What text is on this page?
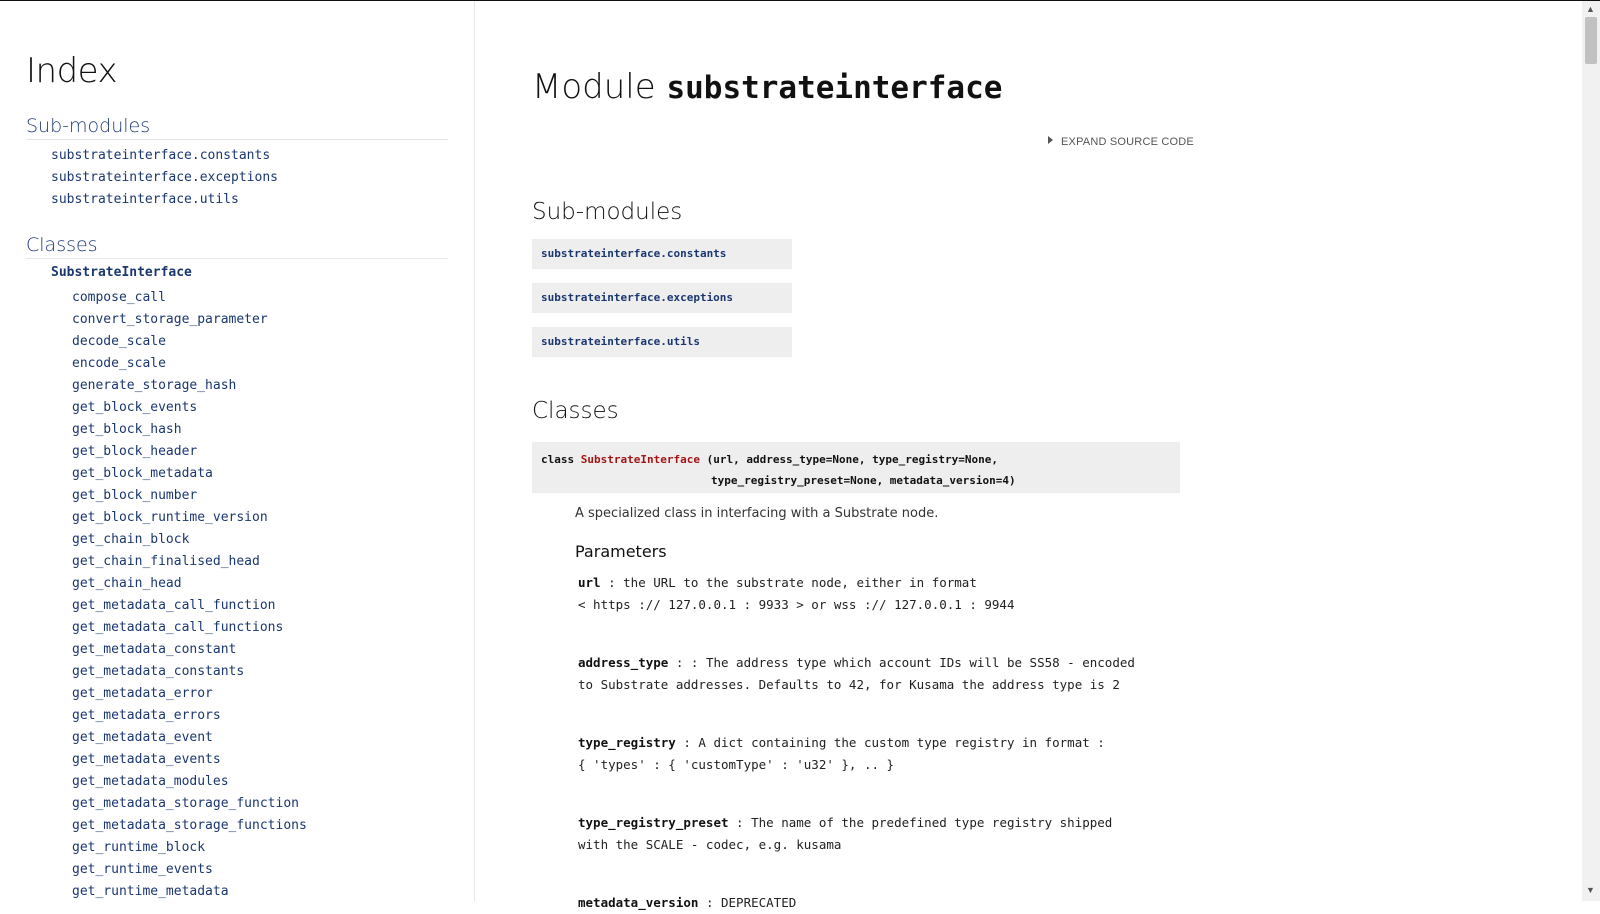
Index
Sub-modules
substrateinterface.constants
substrateinterface.exceptions
substrateinterface.utils
Classes
SubstrateInterface
compose_call
convert_storage_parameter
decode_scale
encode_scale
generate_storage_hash
get_block_events
get_block_hash
get_block_header
get_block_metadata
get_block_number
get_block_runtime_version
get_chain_block
get_chain_finalised_head
get_chain_head
get_metadata_call_function
get_metadata_call_functions
get_metadata_constant
get_metadata_constants
get_metadata_error
get_metadata_errors
get_metadata_event
get_metadata_events
get_metadata_modules
get_metadata_storage_function
get_metadata_storage_functions
get_runtime_block
get_runtime_events
get_runtime_metadata
Module substrateinterface
EXPAND SOURCE CODE
Sub-modules
substrateinterface.constants
substrateinterface.exceptions
substrateinterface.utils
Classes
class SubstrateInterface (url, address_type=None, type_registry=None,
type_registry_preset=None, metadata_version=4)
A specialized class in interfacing with a Substrate node.
Parameters
url : the URL to the substrate node, either in format
< https :// 127.0.0.1 : 9933 > or wss :// 127.0.0.1 : 9944
address_type : : The address type which account IDs will be SS58 - encoded
to Substrate addresses. Defaults to 42, for Kusama the address type is 2
type_registry : A dict containing the custom type registry in format :
{ 'types' : { 'customType' : 'u32' }, .. }
type_registry_preset : The name of the predefined type registry shipped
with the SCALE - codec, e.g. kusama
metadata_version : DEPRECATED
▲
▼
